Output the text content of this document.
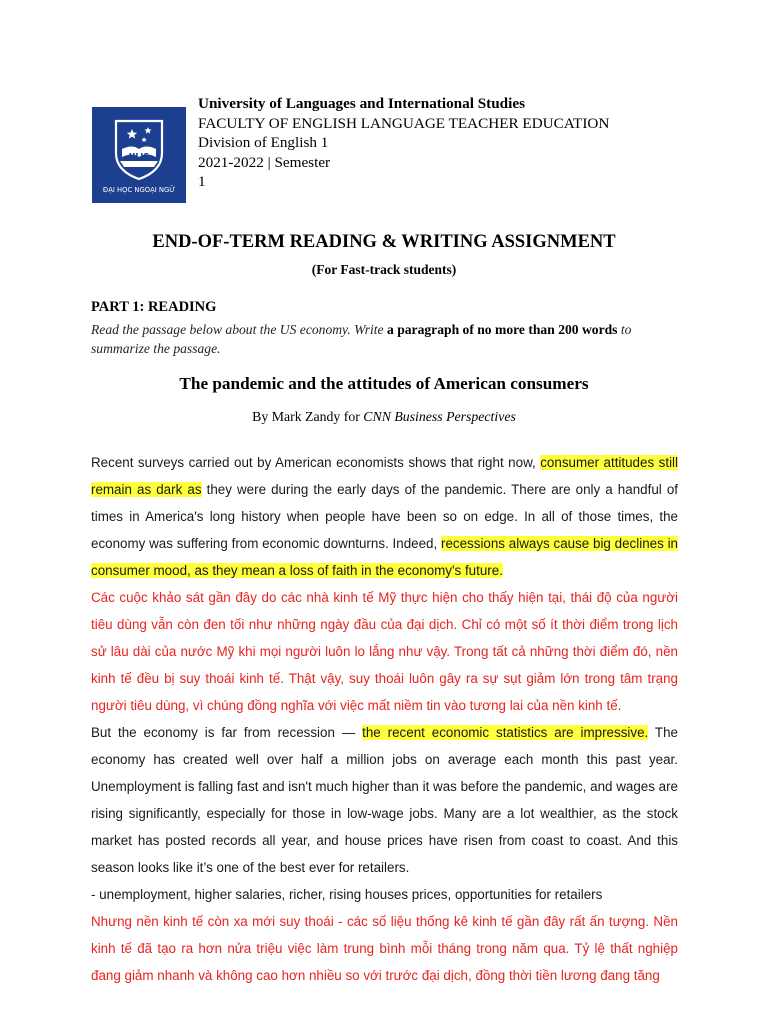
ULIS
ĐẠI HỌC NGOẠI NGỮ
University of Languages and International Studies
FACULTY OF ENGLISH LANGUAGE TEACHER EDUCATION
Division of English 1
2021-2022 | Semester
1
END-OF-TERM READING & WRITING ASSIGNMENT
(For Fast-track students)
PART 1: READING
Read the passage below about the US economy. Write a paragraph of no more than 200 words to summarize the passage.
The pandemic and the attitudes of American consumers
By Mark Zandy for CNN Business Perspectives

Recent surveys carried out by American economists shows that right now, consumer attitudes still remain as dark as they were during the early days of the pandemic. There are only a handful of times in America's long history when people have been so on edge. In all of those times, the economy was suffering from economic downturns. Indeed, recessions always cause big declines in consumer mood, as they mean a loss of faith in the economy's future.

Các cuộc khảo sát gần đây do các nhà kinh tế Mỹ thực hiện cho thấy hiện tại, thái độ của người tiêu dùng vẫn còn đen tối như những ngày đầu của đại dịch. Chỉ có một số ít thời điểm trong lịch sử lâu dài của nước Mỹ khi mọi người luôn lo lắng như vậy. Trong tất cả những thời điểm đó, nền kinh tế đều bị suy thoái kinh tế. Thật vậy, suy thoái luôn gây ra sự sụt giảm lớn trong tâm trạng người tiêu dùng, vì chúng đồng nghĩa với việc mất niềm tin vào tương lai của nền kinh tế.

But the economy is far from recession — the recent economic statistics are impressive. The economy has created well over half a million jobs on average each month this past year. Unemployment is falling fast and isn't much higher than it was before the pandemic, and wages are rising significantly, especially for those in low-wage jobs. Many are a lot wealthier, as the stock market has posted records all year, and house prices have risen from coast to coast. And this season looks like it’s one of the best ever for retailers.

- unemployment, higher salaries, richer, rising houses prices, opportunities for retailers

Nhưng nền kinh tế còn xa mới suy thoái - các số liệu thống kê kinh tế gần đây rất ấn tượng. Nền kinh tế đã tạo ra hơn nửa triệu việc làm trung bình mỗi tháng trong năm qua. Tỷ lệ thất nghiệp đang giảm nhanh và không cao hơn nhiều so với trước đại dịch, đồng thời tiền lương đang tăng
